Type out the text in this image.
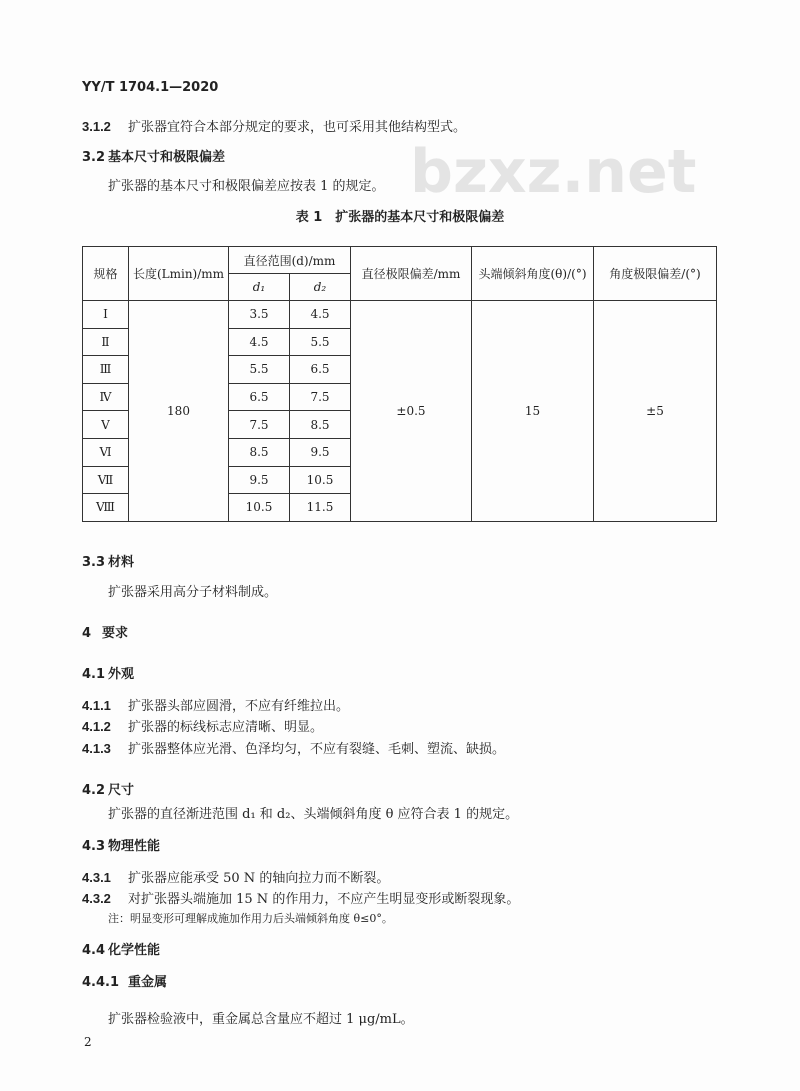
bzxz.net
YY/T 1704.1—2020
3.1.2 扩张器宜符合本部分规定的要求，也可采用其他结构型式。
3.2 基本尺寸和极限偏差
扩张器的基本尺寸和极限偏差应按表 1 的规定。
表 1　扩张器的基本尺寸和极限偏差
规格	长度(Lmin)/mm	直径范围(d)/mm		直径极限偏差/mm	头端倾斜角度(θ)/(°)	角度极限偏差/(°)
		d₁	d₂			
Ⅰ	180	3.5	4.5	±0.5	15	±5
Ⅱ		4.5	5.5			
Ⅲ		5.5	6.5			
Ⅳ		6.5	7.5			
Ⅴ		7.5	8.5			
Ⅵ		8.5	9.5			
Ⅶ		9.5	10.5			
Ⅷ		10.5	11.5			
3.3 材料
扩张器采用高分子材料制成。
4 要求
4.1 外观
4.1.1 扩张器头部应圆滑，不应有纤维拉出。
4.1.2 扩张器的标线标志应清晰、明显。
4.1.3 扩张器整体应光滑、色泽均匀，不应有裂缝、毛刺、塑流、缺损。
4.2 尺寸
扩张器的直径渐进范围 d₁ 和 d₂、头端倾斜角度 θ 应符合表 1 的规定。
4.3 物理性能
4.3.1 扩张器应能承受 50 N 的轴向拉力而不断裂。
4.3.2 对扩张器头端施加 15 N 的作用力，不应产生明显变形或断裂现象。
注：明显变形可理解成施加作用力后头端倾斜角度 θ≤0°。
4.4 化学性能
4.4.1 重金属
扩张器检验液中，重金属总含量应不超过 1 μg/mL。
2
